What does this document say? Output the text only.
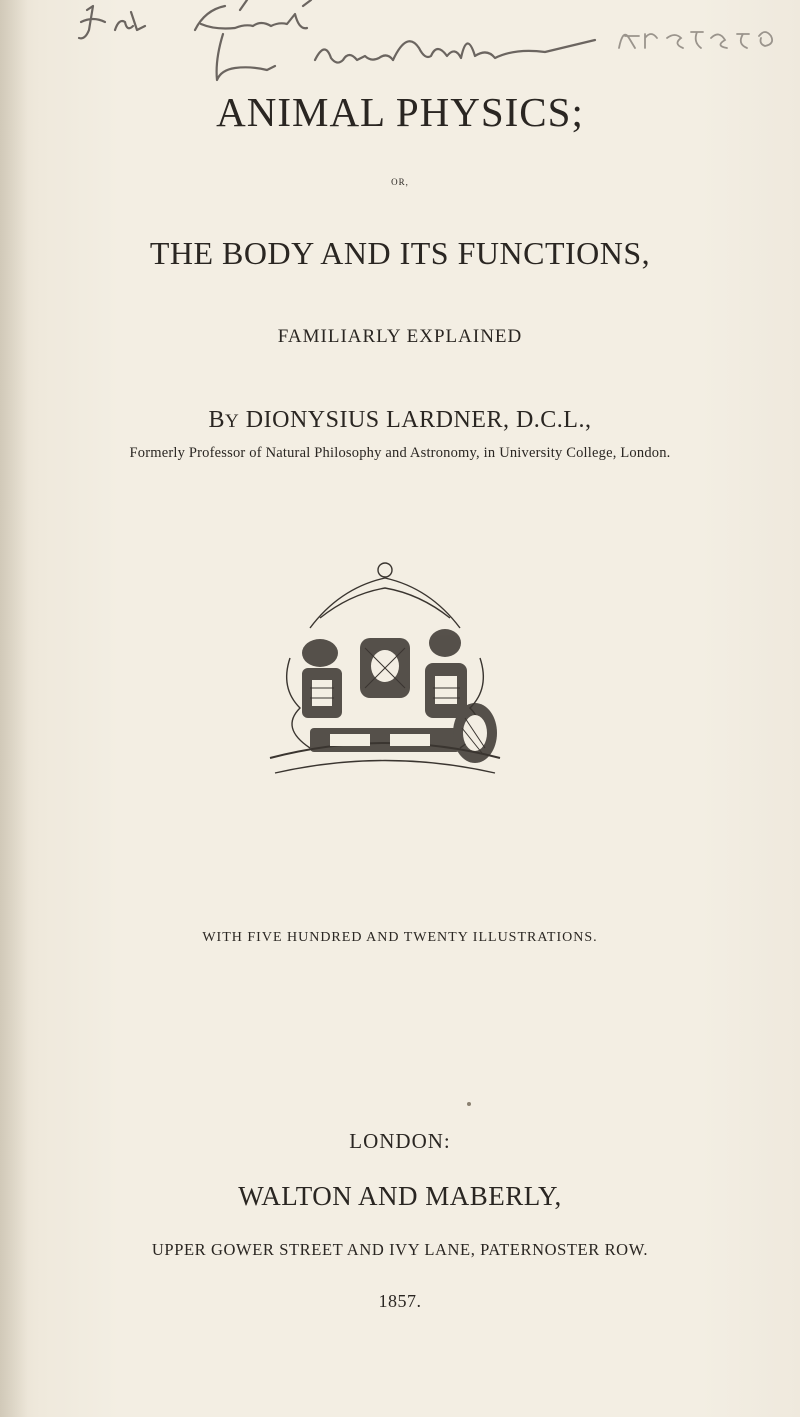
ANIMAL PHYSICS;
OR,
THE BODY AND ITS FUNCTIONS,
FAMILIARLY EXPLAINED
BY DIONYSIUS LARDNER, D.C.L.,
Formerly Professor of Natural Philosophy and Astronomy, in University College, London.
WITH FIVE HUNDRED AND TWENTY ILLUSTRATIONS.
LONDON:
WALTON AND MABERLY,
UPPER GOWER STREET AND IVY LANE, PATERNOSTER ROW.
1857.
